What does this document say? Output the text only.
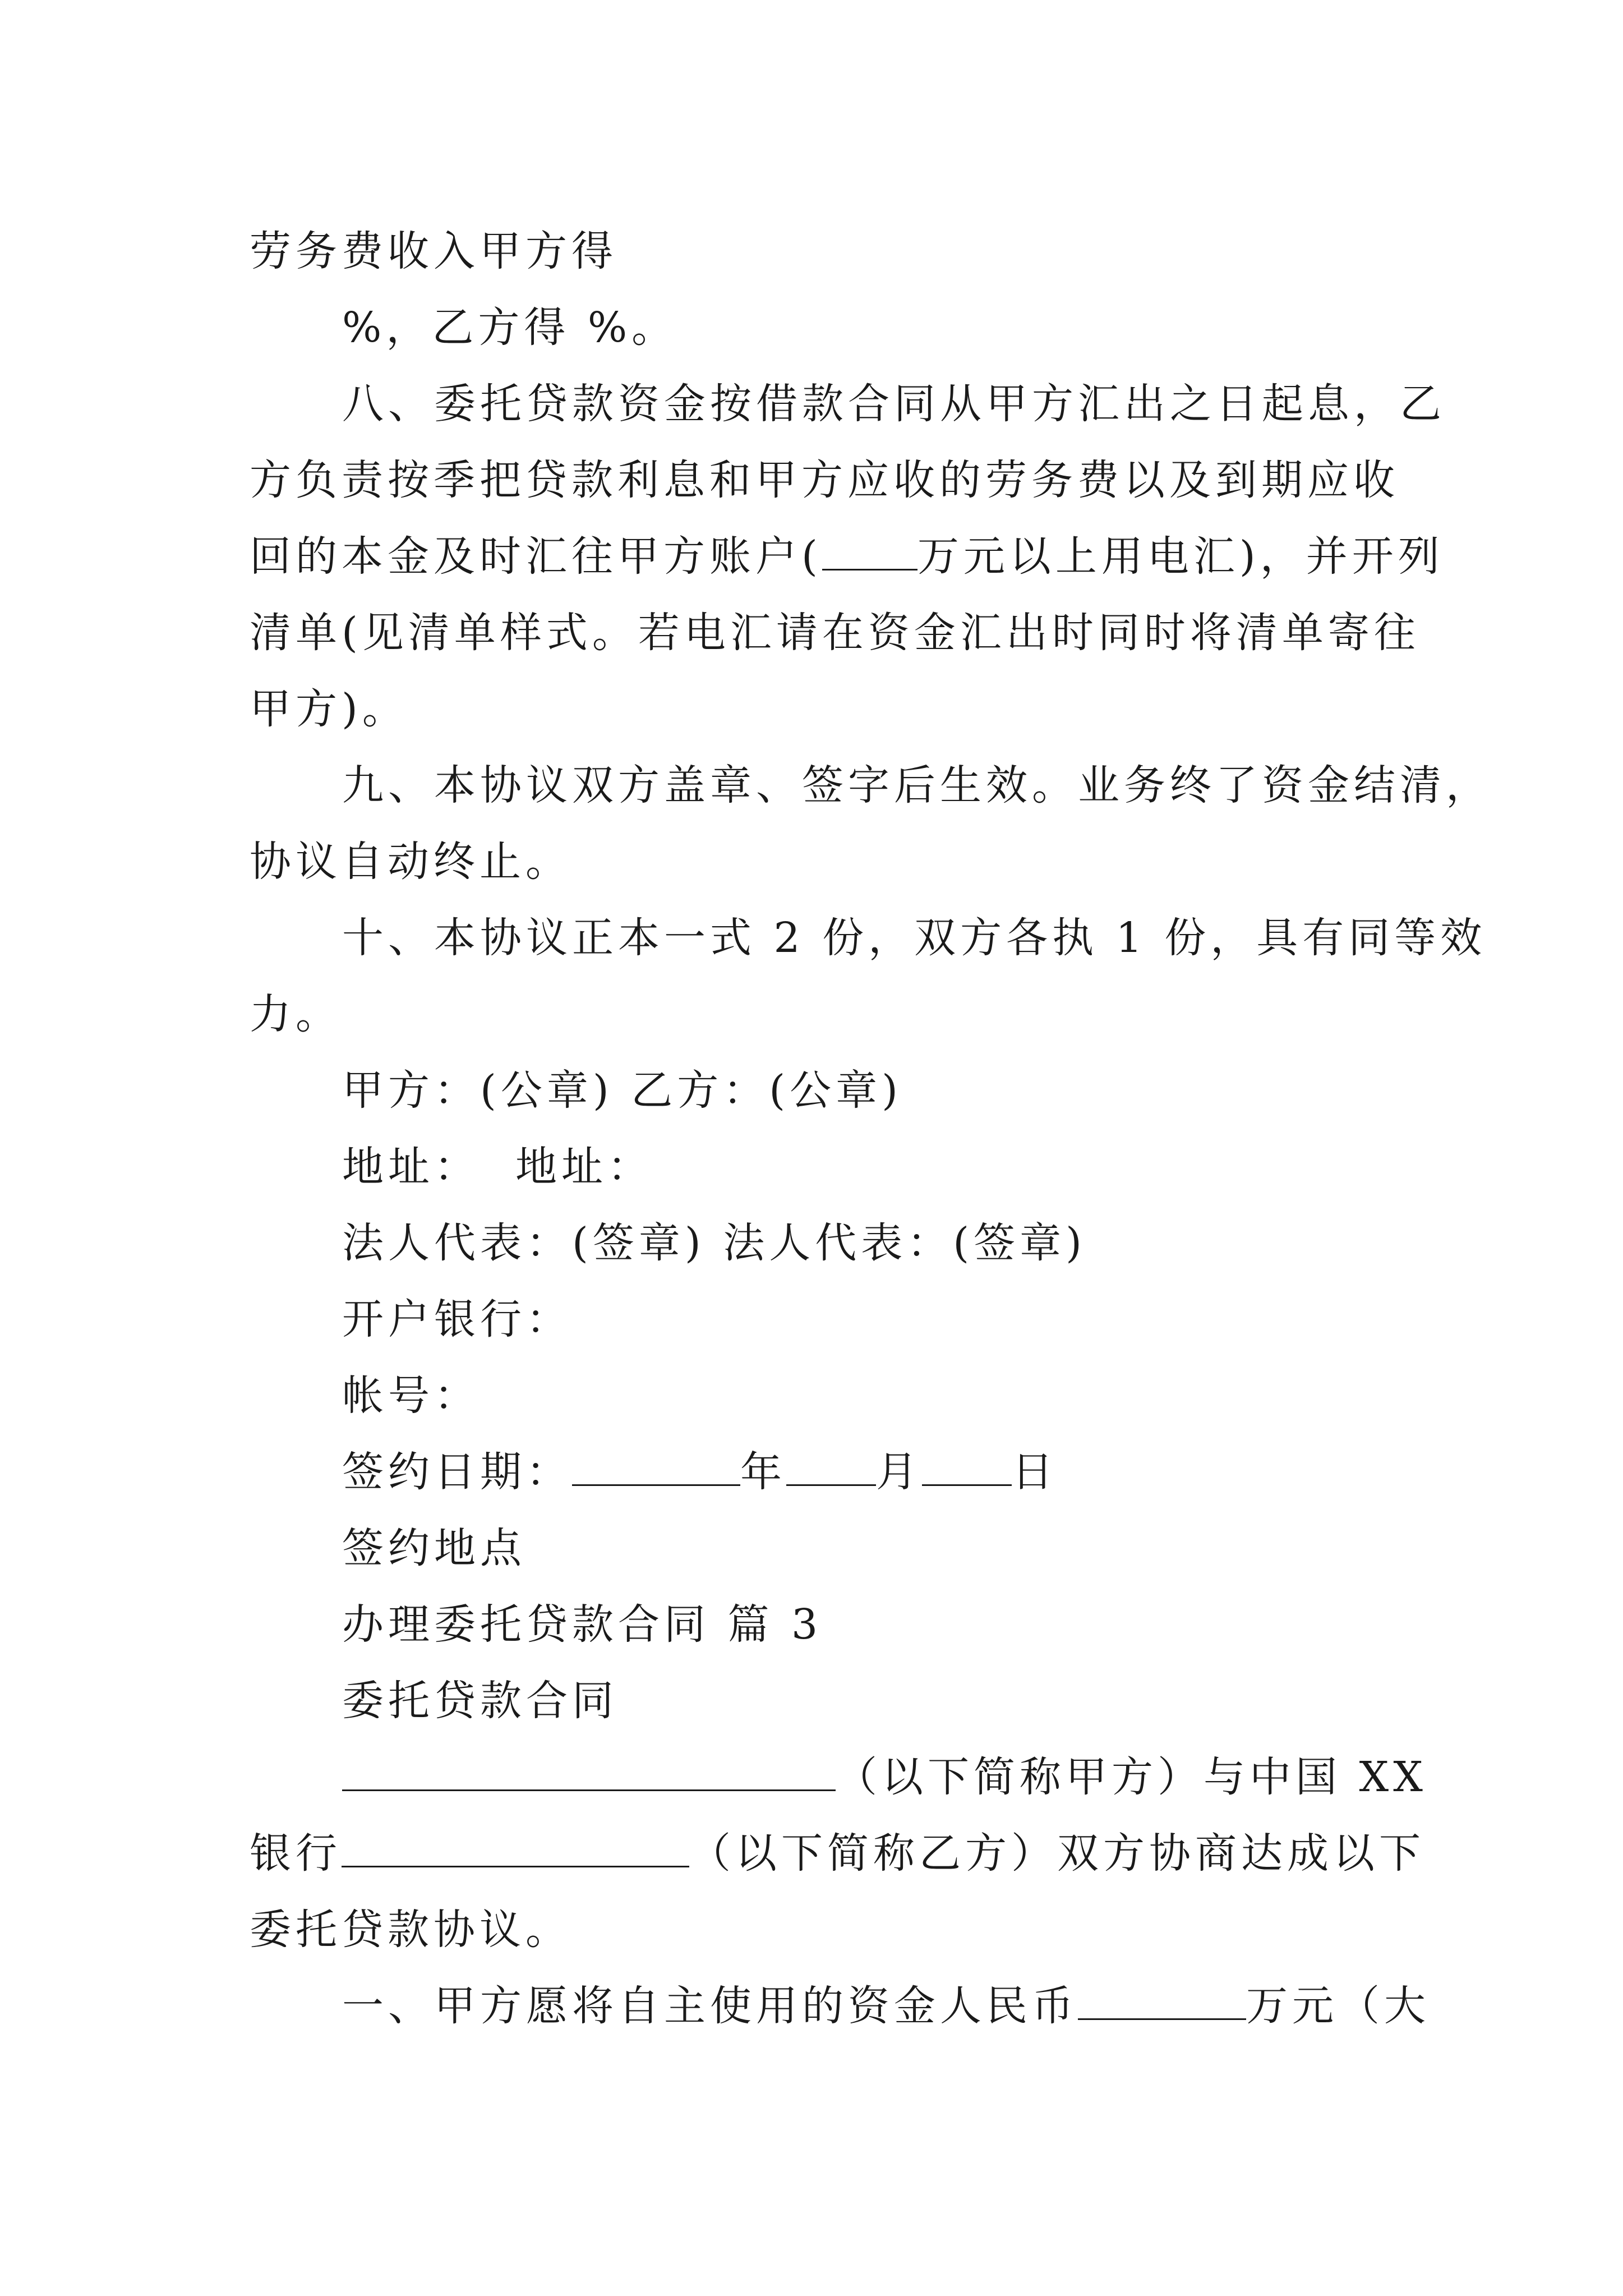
劳务费收入甲方得

%，乙方得 %。

八、委托贷款资金按借款合同从甲方汇出之日起息，乙

方负责按季把贷款利息和甲方应收的劳务费以及到期应收

回的本金及时汇往甲方账户( 万元以上用电汇)，并开列

清单(见清单样式。若电汇请在资金汇出时同时将清单寄往

甲方)。

九、本协议双方盖章、签字后生效。业务终了资金结清，

协议自动终止。

十、本协议正本一式 2 份，双方各执 1 份，具有同等效

力。

甲方：(公章) 乙方：(公章)

地址：  地址：

法人代表：(签章) 法人代表：(签章)

开户银行：

帐号：

签约日期：	年 月 日

签约地点

办理委托贷款合同 篇 3

委托贷款合同

（以下简称甲方）与中国 XX

银行	（以下简称乙方）双方协商达成以下

委托贷款协议。

一、甲方愿将自主使用的资金人民币	万元（大
